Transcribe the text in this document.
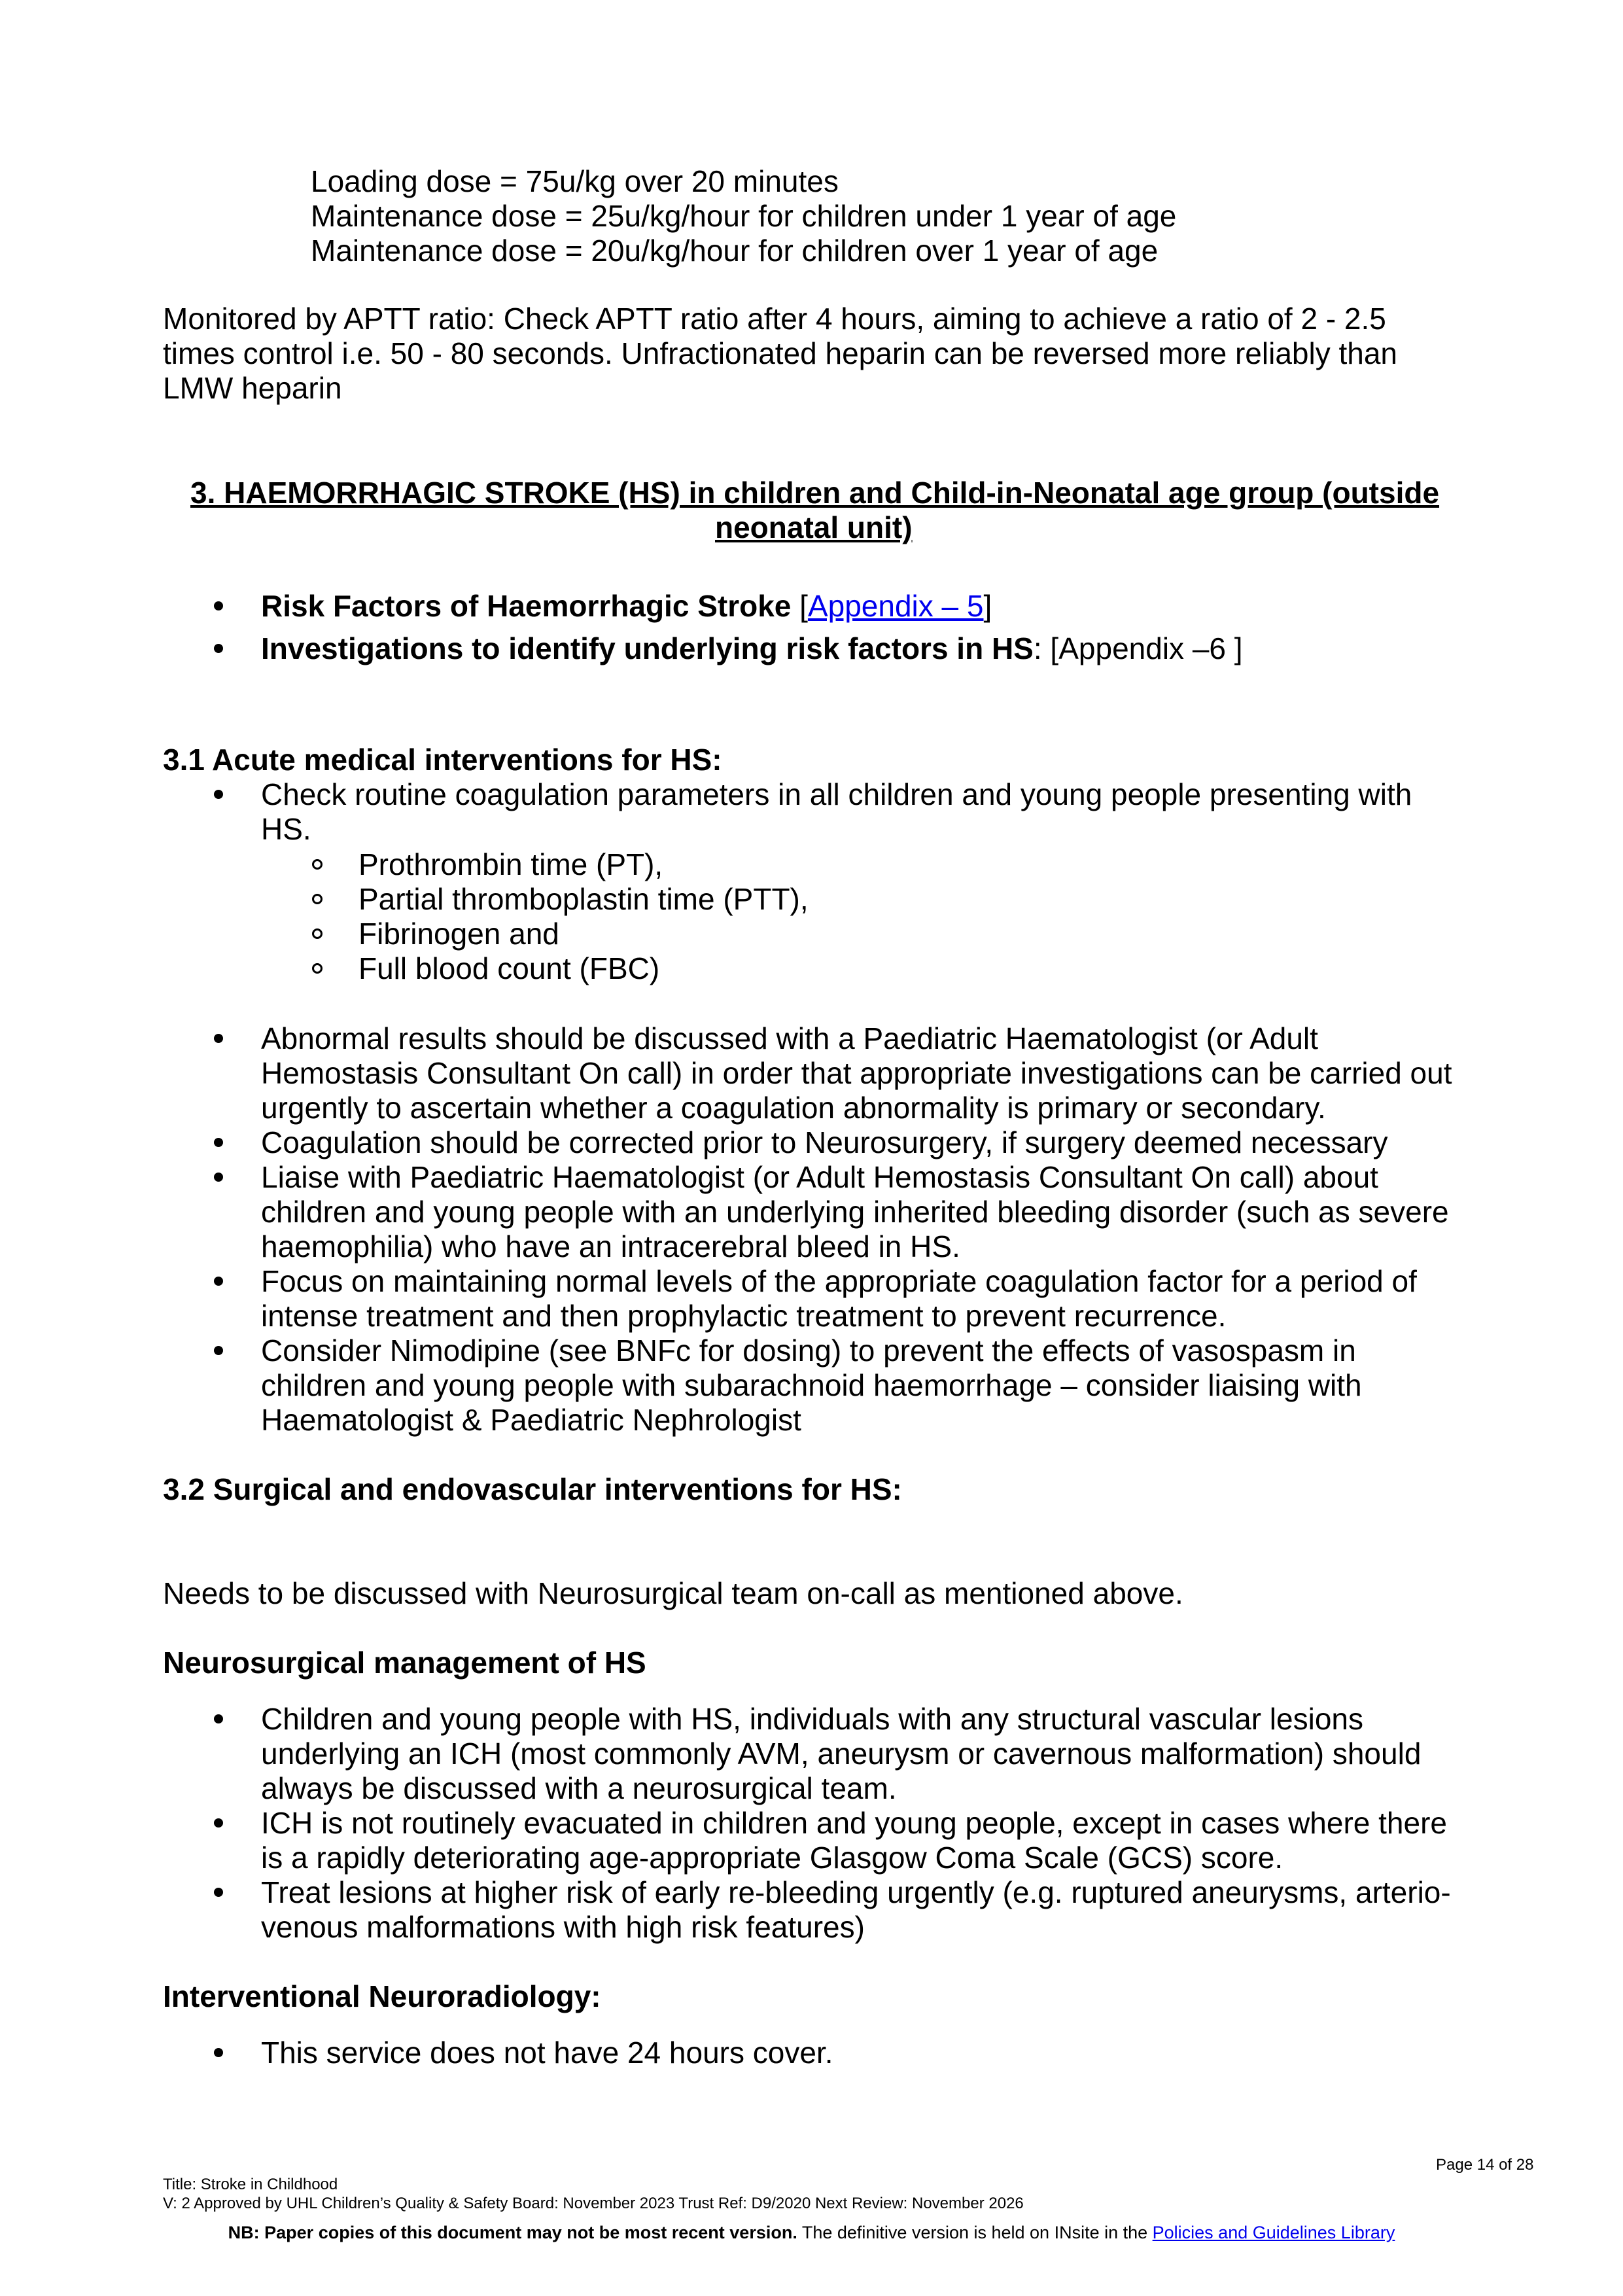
Loading dose = 75u/kg over 20 minutes
Maintenance dose = 25u/kg/hour for children under 1 year of age
Maintenance dose = 20u/kg/hour for children over 1 year of age
Monitored by APTT ratio: Check APTT ratio after 4 hours, aiming to achieve a ratio of 2 - 2.5
times control i.e. 50 - 80 seconds. Unfractionated heparin can be reversed more reliably than
LMW heparin
3. HAEMORRHAGIC STROKE (HS) in children and Child-in-Neonatal age group (outside
neonatal unit)
Risk Factors of Haemorrhagic Stroke [Appendix – 5]
Investigations to identify underlying risk factors in HS: [Appendix –6 ]
3.1 Acute medical interventions for HS:
Check routine coagulation parameters in all children and young people presenting with
HS.
Prothrombin time (PT),
Partial thromboplastin time (PTT),
Fibrinogen and
Full blood count (FBC)
Abnormal results should be discussed with a Paediatric Haematologist (or Adult
Hemostasis Consultant On call) in order that appropriate investigations can be carried out
urgently to ascertain whether a coagulation abnormality is primary or secondary.
Coagulation should be corrected prior to Neurosurgery, if surgery deemed necessary
Liaise with Paediatric Haematologist (or Adult Hemostasis Consultant On call) about
children and young people with an underlying inherited bleeding disorder (such as severe
haemophilia) who have an intracerebral bleed in HS.
Focus on maintaining normal levels of the appropriate coagulation factor for a period of
intense treatment and then prophylactic treatment to prevent recurrence.
Consider Nimodipine (see BNFc for dosing) to prevent the effects of vasospasm in
children and young people with subarachnoid haemorrhage – consider liaising with
Haematologist & Paediatric Nephrologist
3.2 Surgical and endovascular interventions for HS:
Needs to be discussed with Neurosurgical team on-call as mentioned above.
Neurosurgical management of HS
Children and young people with HS, individuals with any structural vascular lesions
underlying an ICH (most commonly AVM, aneurysm or cavernous malformation) should
always be discussed with a neurosurgical team.
ICH is not routinely evacuated in children and young people, except in cases where there
is a rapidly deteriorating age-appropriate Glasgow Coma Scale (GCS) score.
Treat lesions at higher risk of early re-bleeding urgently (e.g. ruptured aneurysms, arterio-
venous malformations with high risk features)
Interventional Neuroradiology:
This service does not have 24 hours cover.
Page 14 of 28
Title: Stroke in Childhood
V: 2 Approved by UHL Children’s Quality & Safety Board: November 2023 Trust Ref: D9/2020 Next Review: November 2026
NB: Paper copies of this document may not be most recent version. The definitive version is held on INsite in the Policies and Guidelines Library
